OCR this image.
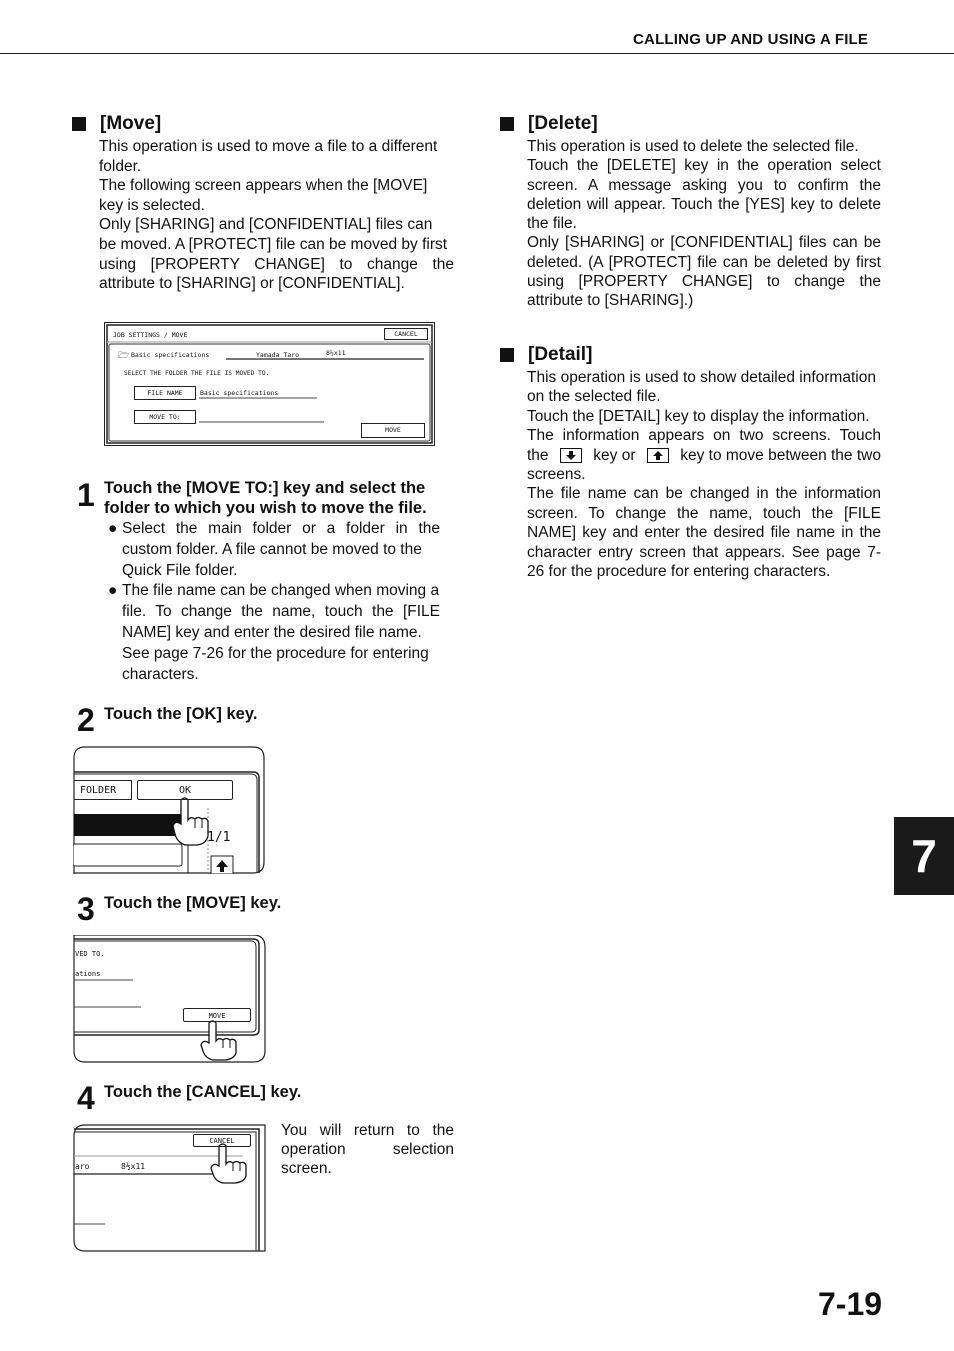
CALLING UP AND USING A FILE
[Move]
This operation is used to move a file to a different
folder.
The following screen appears when the [MOVE]
key is selected.
Only [SHARING] and [CONFIDENTIAL] files can
be moved. A [PROTECT] file can be moved by first
using [PROPERTY CHANGE] to change the
attribute to [SHARING] or [CONFIDENTIAL].
JOB SETTINGS / MOVE	CANCEL
🗁 Basic specifications	Yamada Taro	8½x11
SELECT THE FOLDER THE FILE IS MOVED TO.
FILE NAME	Basic specifications
MOVE TO:
MOVE
1 Touch the [MOVE TO:] key and select the
folder to which you wish to move the file.
● Select the main folder or a folder in the
custom folder. A file cannot be moved to the
Quick File folder.
● The file name can be changed when moving a
file. To change the name, touch the [FILE
NAME] key and enter the desired file name.
See page 7-26 for the procedure for entering
characters.
2 Touch the [OK] key.
FOLDER	OK
1/1
3 Touch the [MOVE] key.
VED TO.
ations
MOVE
4 Touch the [CANCEL] key.
CANCEL
aro	8½x11
You will return to the
operation selection
screen.
[Delete]
This operation is used to delete the selected file.
Touch the [DELETE] key in the operation select
screen. A message asking you to confirm the
deletion will appear. Touch the [YES] key to delete
the file.
Only [SHARING] or [CONFIDENTIAL] files can be
deleted. (A [PROTECT] file can be deleted by first
using [PROPERTY CHANGE] to change the
attribute to [SHARING].)
[Detail]
This operation is used to show detailed information
on the selected file.
Touch the [DETAIL] key to display the information.
The information appears on two screens. Touch
the	key or	key to move between the two
screens.
The file name can be changed in the information
screen. To change the name, touch the [FILE
NAME] key and enter the desired file name in the
character entry screen that appears. See page 7-
26 for the procedure for entering characters.
7
7-19
